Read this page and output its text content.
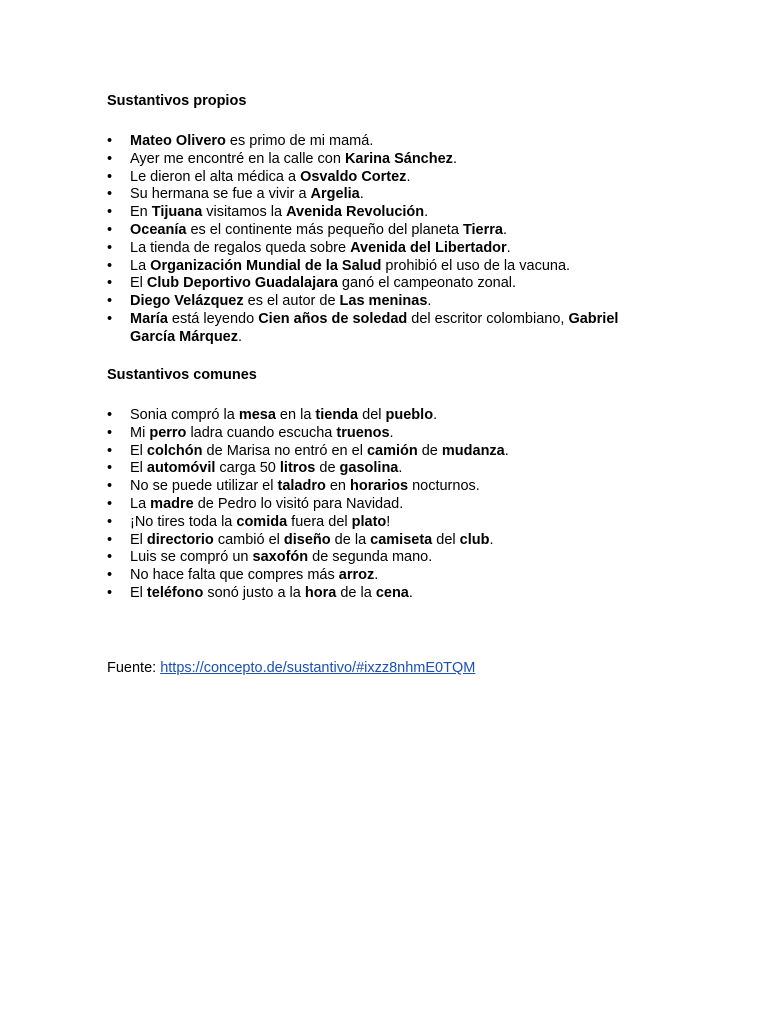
Sustantivos propios
•	Mateo Olivero es primo de mi mamá.
•	Ayer me encontré en la calle con Karina Sánchez.
•	Le dieron el alta médica a Osvaldo Cortez.
•	Su hermana se fue a vivir a Argelia.
•	En Tijuana visitamos la Avenida Revolución.
•	Oceanía es el continente más pequeño del planeta Tierra.
•	La tienda de regalos queda sobre Avenida del Libertador.
•	La Organización Mundial de la Salud prohibió el uso de la vacuna.
•	El Club Deportivo Guadalajara ganó el campeonato zonal.
•	Diego Velázquez es el autor de Las meninas.
•	María está leyendo Cien años de soledad del escritor colombiano, Gabriel García Márquez.
Sustantivos comunes
•	Sonia compró la mesa en la tienda del pueblo.
•	Mi perro ladra cuando escucha truenos.
•	El colchón de Marisa no entró en el camión de mudanza.
•	El automóvil carga 50 litros de gasolina.
•	No se puede utilizar el taladro en horarios nocturnos.
•	La madre de Pedro lo visitó para Navidad.
•	¡No tires toda la comida fuera del plato!
•	El directorio cambió el diseño de la camiseta del club.
•	Luis se compró un saxofón de segunda mano.
•	No hace falta que compres más arroz.
•	El teléfono sonó justo a la hora de la cena.
Fuente: https://concepto.de/sustantivo/#ixzz8nhmE0TQM
